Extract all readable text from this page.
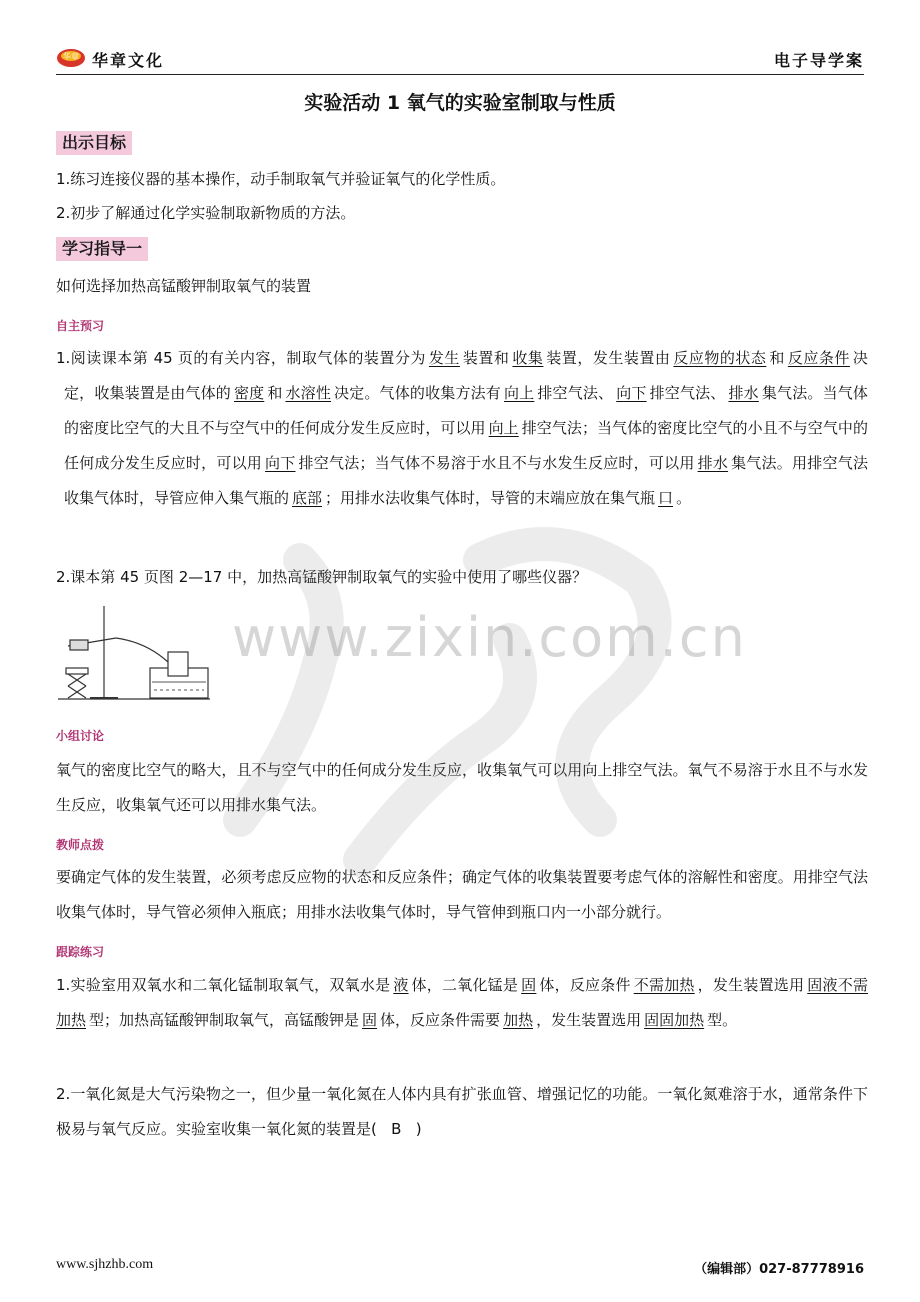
华章 华章文化	电子导学案
实验活动 1 氧气的实验室制取与性质
出示目标
1.练习连接仪器的基本操作，动手制取氧气并验证氧气的化学性质。
2.初步了解通过化学实验制取新物质的方法。
学习指导一
如何选择加热高锰酸钾制取氧气的装置
自主预习
1.阅读课本第 45 页的有关内容，制取气体的装置分为 发生 装置和 收集 装置，发生装置由 反应物的状态 和 反应条件 决定，收集装置是由气体的 密度 和 水溶性 决定。气体的收集方法有 向上 排空气法、 向下 排空气法、 排水 集气法。当气体的密度比空气的大且不与空气中的任何成分发生反应时，可以用 向上 排空气法；当气体的密度比空气的小且不与空气中的任何成分发生反应时，可以用 向下 排空气法；当气体不易溶于水且不与水发生反应时，可以用 排水 集气法。用排空气法收集气体时，导管应伸入集气瓶的 底部 ；用排水法收集气体时，导管的末端应放在集气瓶 口 。
2.课本第 45 页图 2—17 中，加热高锰酸钾制取氧气的实验中使用了哪些仪器？
小组讨论
氧气的密度比空气的略大，且不与空气中的任何成分发生反应，收集氧气可以用向上排空气法。氧气不易溶于水且不与水发生反应，收集氧气还可以用排水集气法。
教师点拨
要确定气体的发生装置，必须考虑反应物的状态和反应条件；确定气体的收集装置要考虑气体的溶解性和密度。用排空气法收集气体时，导气管必须伸入瓶底；用排水法收集气体时，导气管伸到瓶口内一小部分就行。
跟踪练习
1.实验室用双氧水和二氧化锰制取氧气，双氧水是 液 体，二氧化锰是 固 体，反应条件 不需加热 ，发生装置选用 固液不需加热 型；加热高锰酸钾制取氧气，高锰酸钾是 固 体，反应条件需要 加热 ，发生装置选用 固固加热 型。
2.一氧化氮是大气污染物之一，但少量一氧化氮在人体内具有扩张血管、增强记忆的功能。一氧化氮难溶于水，通常条件下极易与氧气反应。实验室收集一氧化氮的装置是( B )
www.zixin.com.cn
www.sjhzhb.com	（编辑部）027-87778916
